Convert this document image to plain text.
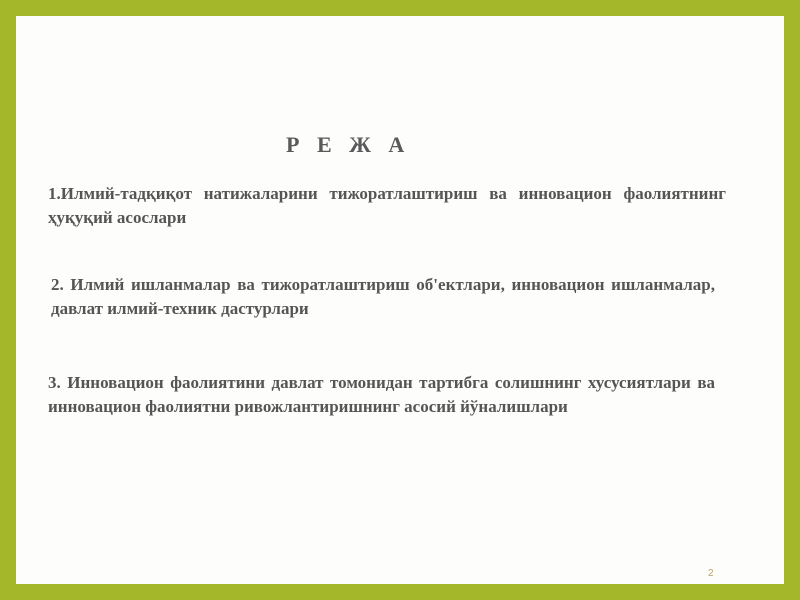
Р Е Ж А

1.Илмий-тадқиқот натижаларини тижоратлаштириш ва инновацион фаолиятнинг ҳуқуқий асослари

2. Илмий ишланмалар ва тижоратлаштириш об'ектлари, инновацион ишланмалар, давлат илмий-техник дастурлари

3. Инновацион фаолиятини давлат томонидан тартибга солишнинг хусусиятлари ва инновацион фаолиятни ривожлантиришнинг асосий йўналишлари

2
